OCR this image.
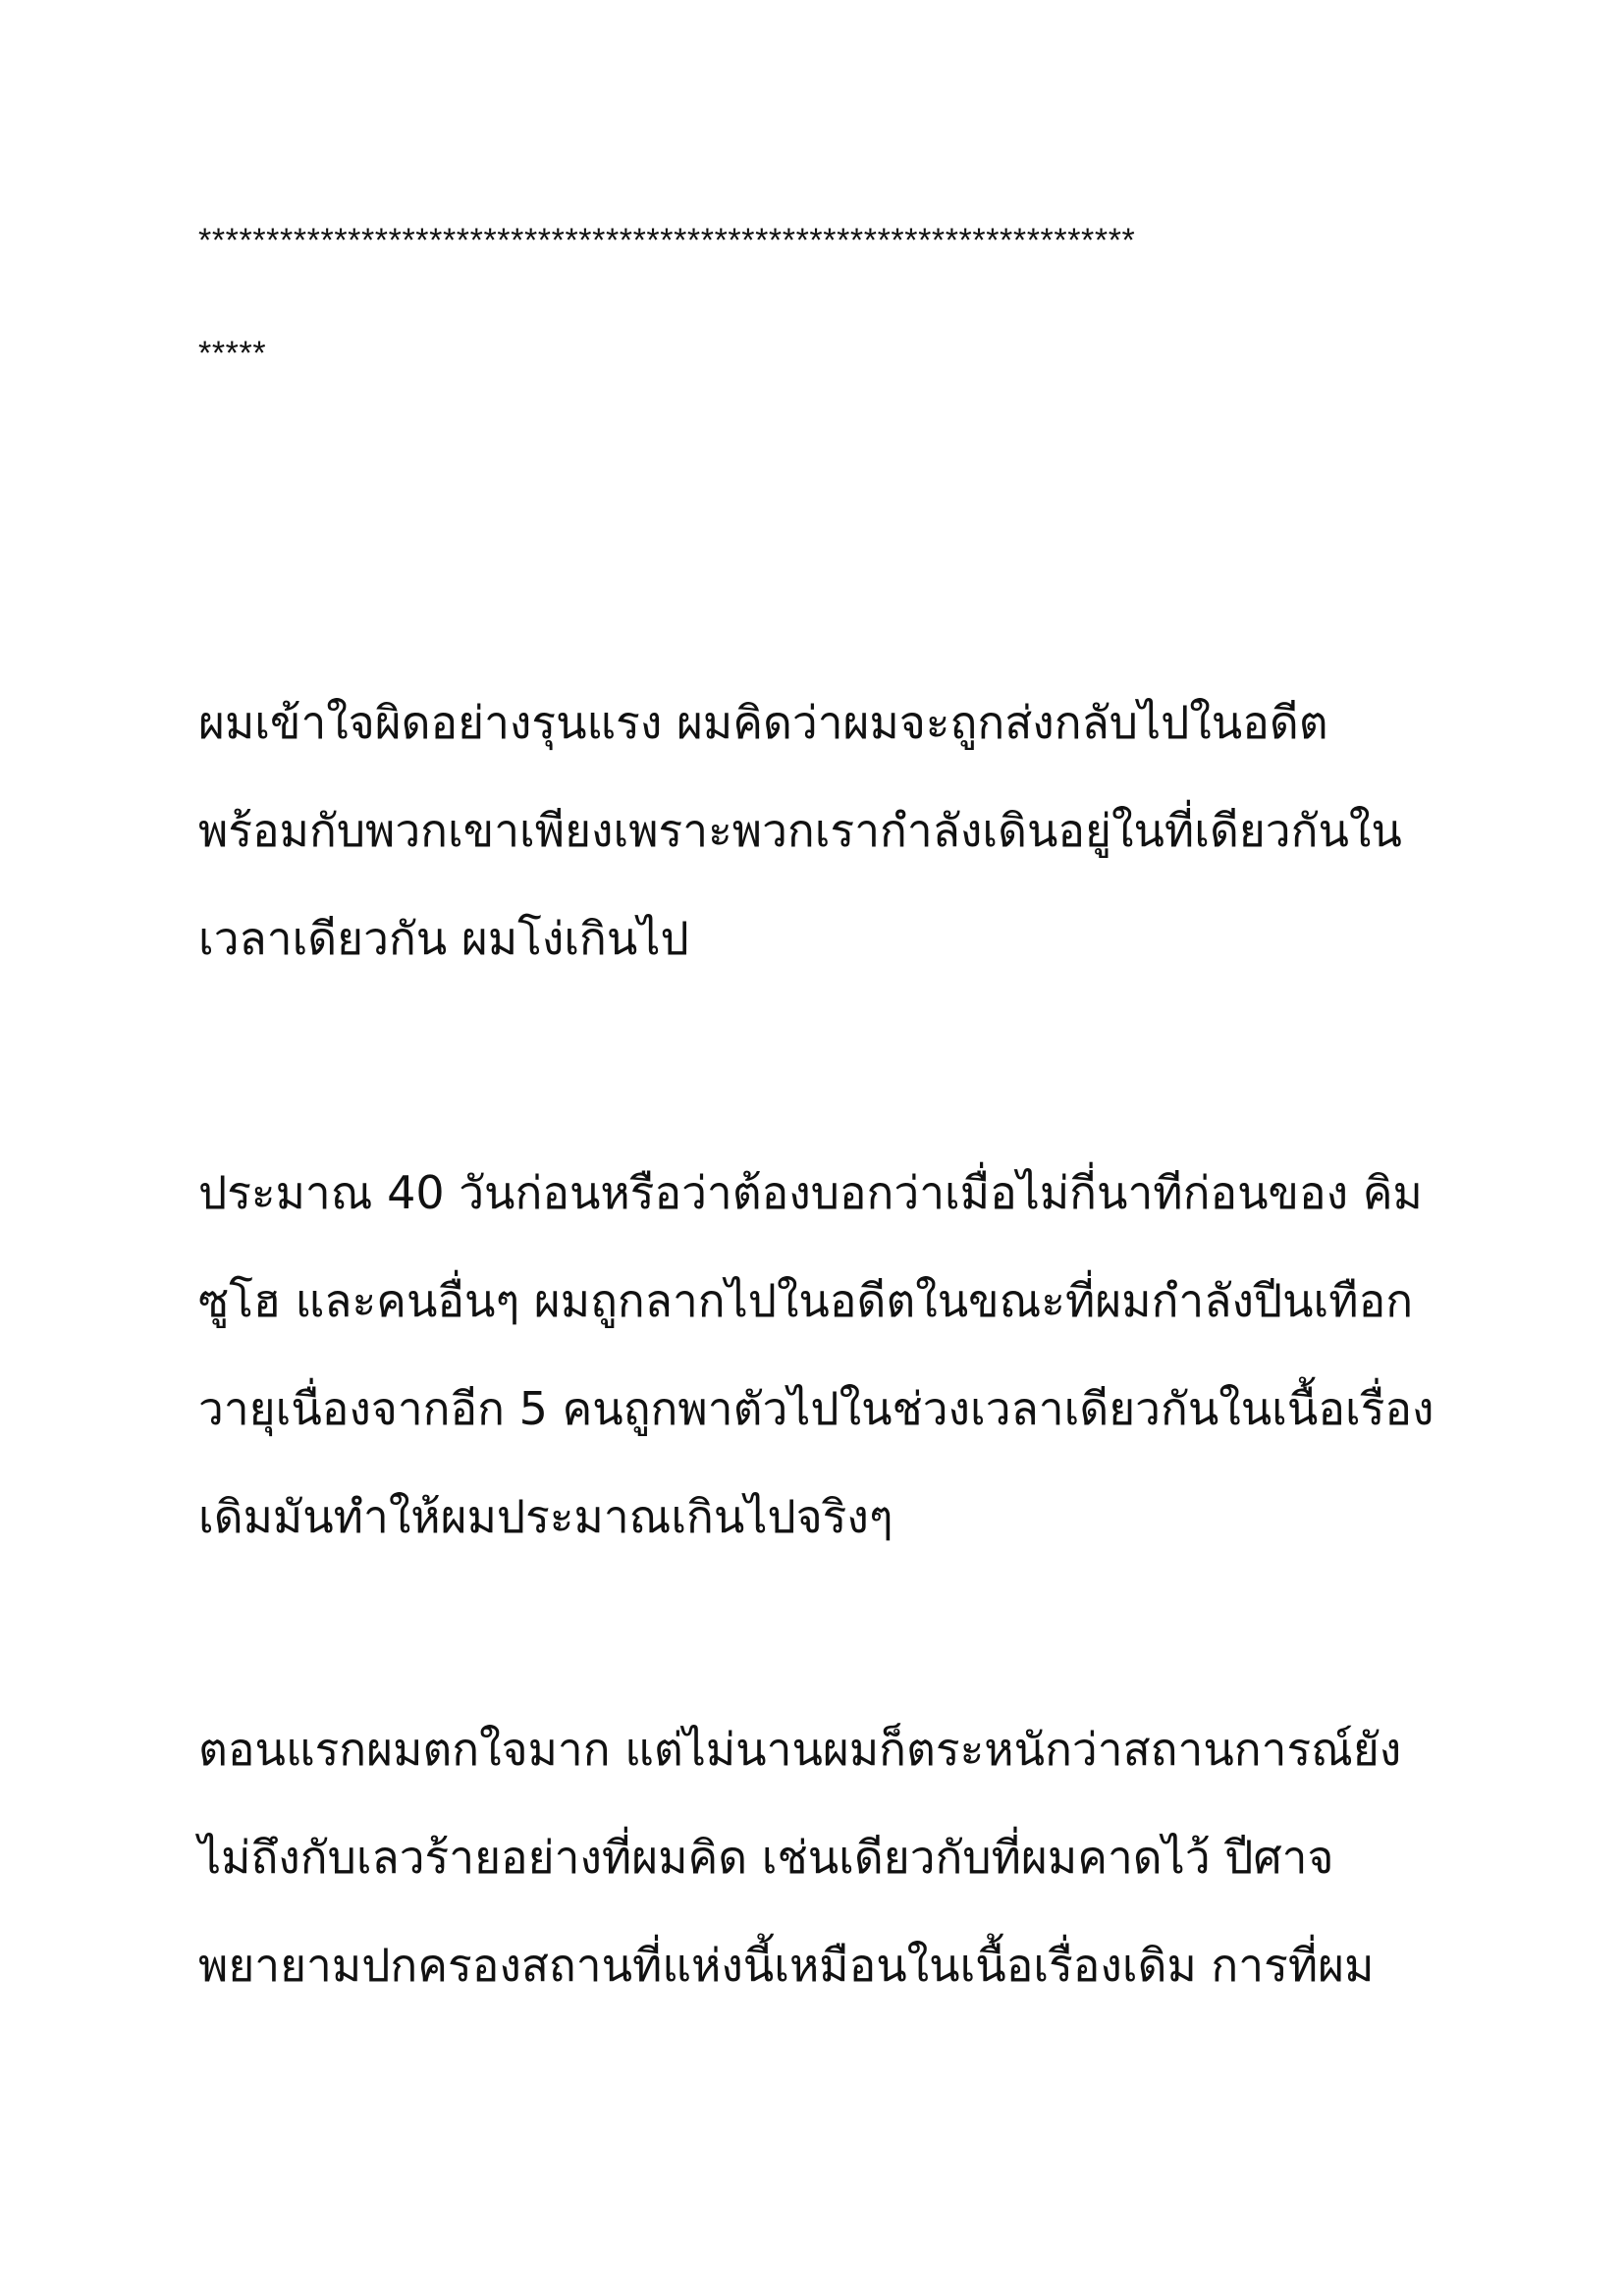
*********************************************************************
*****
ผมเข้าใจผิดอย่างรุนแรง ผมคิดว่าผมจะถูกส่งกลับไปในอดีต
พร้อมกับพวกเขาเพียงเพราะพวกเรากำลังเดินอยู่ในที่เดียวกันใน
เวลาเดียวกัน ผมโง่เกินไป
ประมาณ 40 วันก่อนหรือว่าต้องบอกว่าเมื่อไม่กี่นาทีก่อนของ คิม
ซูโฮ และคนอื่นๆ ผมถูกลากไปในอดีตในขณะที่ผมกำลังปีนเทือก
วายุเนื่องจากอีก 5 คนถูกพาตัวไปในช่วงเวลาเดียวกันในเนื้อเรื่อง
เดิมมันทำให้ผมประมาณเกินไปจริงๆ
ตอนแรกผมตกใจมาก แต่ไม่นานผมก็ตระหนักว่าสถานการณ์ยัง
ไม่ถึงกับเลวร้ายอย่างที่ผมคิด เช่นเดียวกับที่ผมคาดไว้ ปีศาจ
พยายามปกครองสถานที่แห่งนี้เหมือนในเนื้อเรื่องเดิม การที่ผม
